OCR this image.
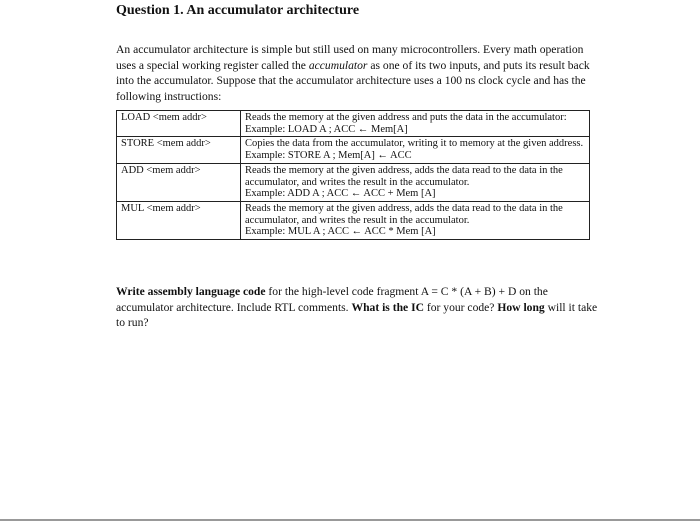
Question 1. An accumulator architecture
An accumulator architecture is simple but still used on many microcontrollers. Every math operation uses a special working register called the accumulator as one of its two inputs, and puts its result back into the accumulator. Suppose that the accumulator architecture uses a 100 ns clock cycle and has the following instructions:
LOAD <mem addr>	Reads the memory at the given address and puts the data in the accumulator:
Example: LOAD A ; ACC ← Mem[A]

STORE <mem addr>	Copies the data from the accumulator, writing it to memory at the given address.
Example: STORE A ; Mem[A] ← ACC

ADD <mem addr>	Reads the memory at the given address, adds the data read to the data in the accumulator, and writes the result in the accumulator.
Example: ADD A ; ACC ← ACC + Mem [A]

MUL <mem addr>	Reads the memory at the given address, adds the data read to the data in the accumulator, and writes the result in the accumulator.
Example: MUL A ; ACC ← ACC * Mem [A]
Write assembly language code for the high-level code fragment A = C * (A + B) + D on the accumulator architecture. Include RTL comments. What is the IC for your code? How long will it take to run?
